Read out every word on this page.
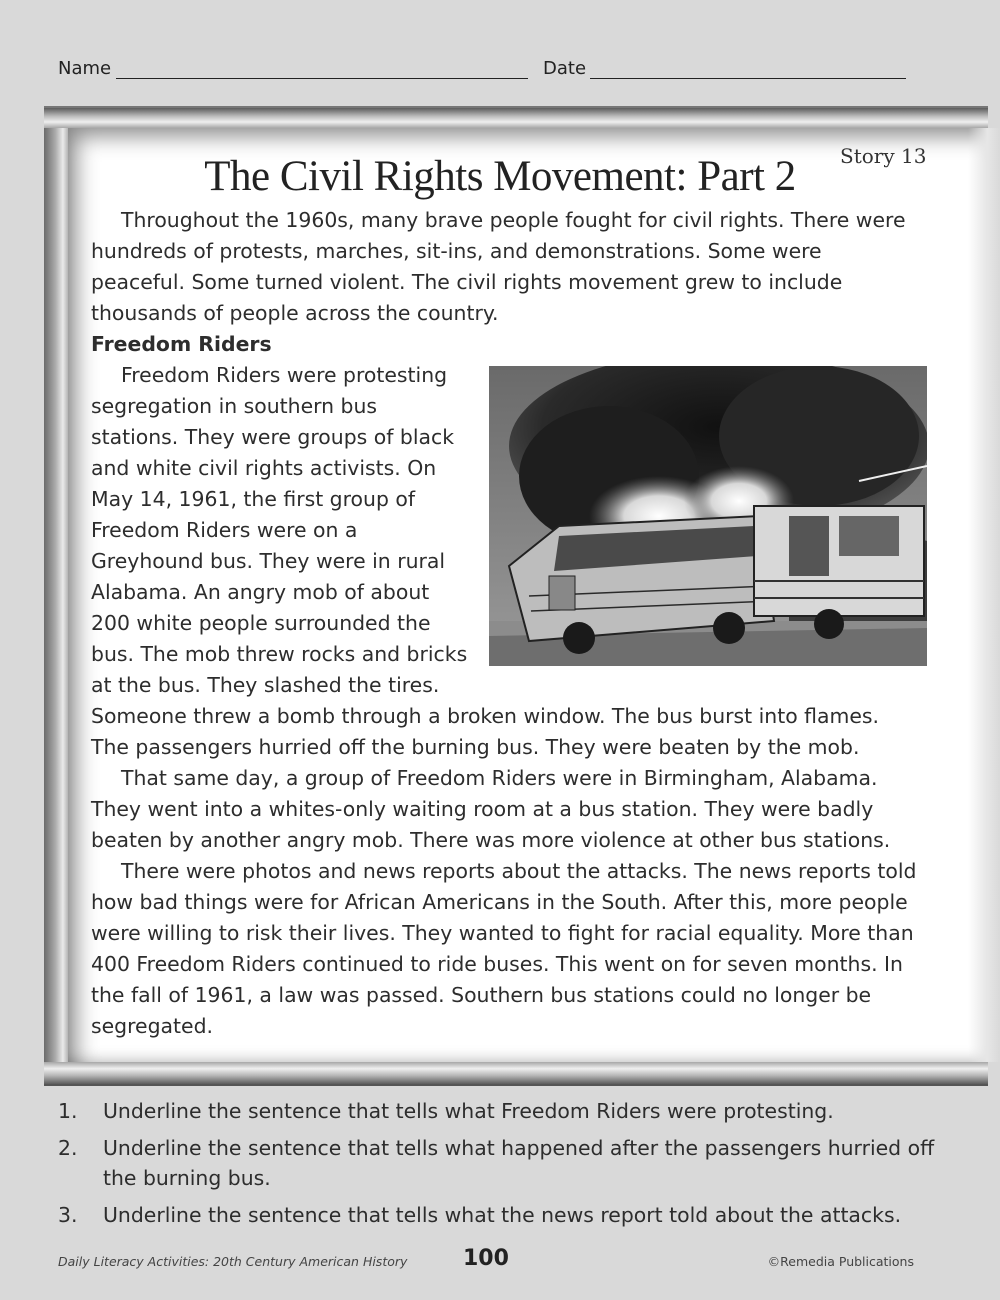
Name	Date
Story 13
The Civil Rights Movement: Part 2

Throughout the 1960s, many brave people fought for civil rights. There were hundreds of protests, marches, sit-ins, and demonstrations. Some were peaceful. Some turned violent. The civil rights movement grew to include thousands of people across the country.

Freedom Riders

Freedom Riders were protesting segregation in southern bus stations. They were groups of black and white civil rights activists. On May 14, 1961, the first group of Freedom Riders were on a Greyhound bus. They were in rural Alabama. An angry mob of about 200 white people surrounded the bus. The mob threw rocks and bricks at the bus. They slashed the tires. Someone threw a bomb through a broken window. The bus burst into flames. The passengers hurried off the burning bus. They were beaten by the mob.

That same day, a group of Freedom Riders were in Birmingham, Alabama. They went into a whites-only waiting room at a bus station. They were badly beaten by another angry mob. There was more violence at other bus stations.

There were photos and news reports about the attacks. The news reports told how bad things were for African Americans in the South. After this, more people were willing to risk their lives. They wanted to fight for racial equality. More than 400 Freedom Riders continued to ride buses. This went on for seven months. In the fall of 1961, a law was passed. Southern bus stations could no longer be segregated.

1. Underline the sentence that tells what Freedom Riders were protesting.
2. Underline the sentence that tells what happened after the passengers hurried off the burning bus.
3. Underline the sentence that tells what the news report told about the attacks.
Daily Literacy Activities: 20th Century American History	100	©Remedia Publications
